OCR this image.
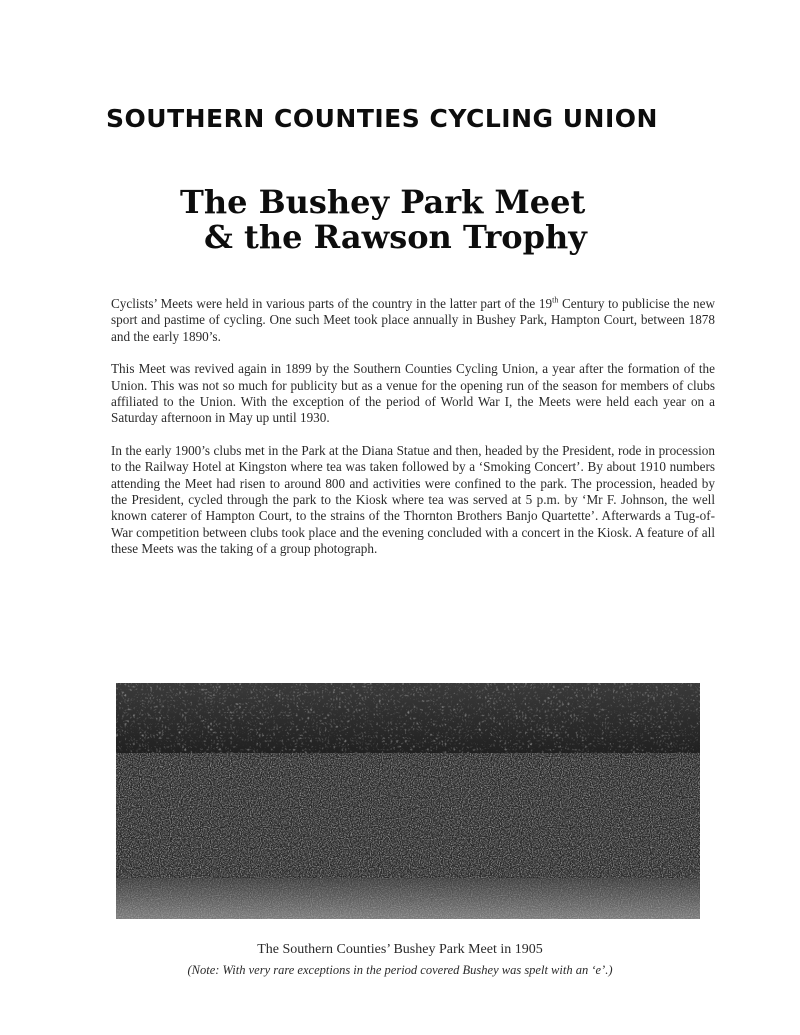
SOUTHERN COUNTIES CYCLING UNION
The Bushey Park Meet
& the Rawson Trophy

Cyclists’ Meets were held in various parts of the country in the latter part of the 19th Century to publicise the new sport and pastime of cycling. One such Meet took place annually in Bushey Park, Hampton Court, between 1878 and the early 1890’s.

This Meet was revived again in 1899 by the Southern Counties Cycling Union, a year after the formation of the Union. This was not so much for publicity but as a venue for the opening run of the season for members of clubs affiliated to the Union. With the exception of the period of World War I, the Meets were held each year on a Saturday afternoon in May up until 1930.

In the early 1900’s clubs met in the Park at the Diana Statue and then, headed by the President, rode in procession to the Railway Hotel at Kingston where tea was taken followed by a ‘Smoking Concert’. By about 1910 numbers attending the Meet had risen to around 800 and activities were confined to the park. The procession, headed by the President, cycled through the park to the Kiosk where tea was served at 5 p.m. by ‘Mr F. Johnson, the well known caterer of Hampton Court, to the strains of the Thornton Brothers Banjo Quartette’. Afterwards a Tug-of-War competition between clubs took place and the evening concluded with a concert in the Kiosk. A feature of all these Meets was the taking of a group photograph.

The Southern Counties’ Bushey Park Meet in 1905
(Note: With very rare exceptions in the period covered Bushey was spelt with an ‘e’.)
